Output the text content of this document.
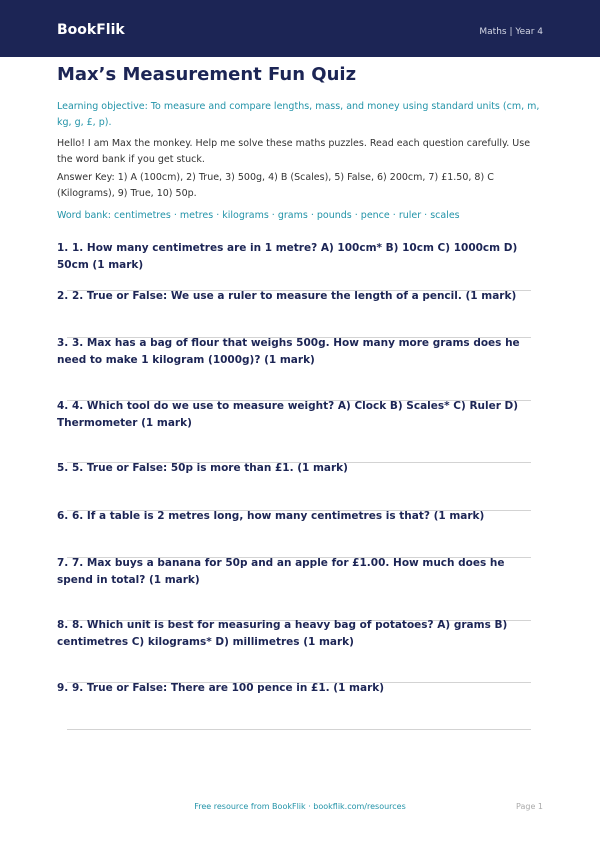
BookFlik	Maths | Year 4
Max’s Measurement Fun Quiz
Learning objective: To measure and compare lengths, mass, and money using standard units (cm, m, kg, g, £, p).
Hello! I am Max the monkey. Help me solve these maths puzzles. Read each question carefully. Use the word bank if you get stuck.
Answer Key: 1) A (100cm), 2) True, 3) 500g, 4) B (Scales), 5) False, 6) 200cm, 7) £1.50, 8) C (Kilograms), 9) True, 10) 50p.
Word bank: centimetres · metres · kilograms · grams · pounds · pence · ruler · scales
1. 1. How many centimetres are in 1 metre? A) 100cm* B) 10cm C) 1000cm D) 50cm (1 mark)
2. 2. True or False: We use a ruler to measure the length of a pencil. (1 mark)
3. 3. Max has a bag of flour that weighs 500g. How many more grams does he need to make 1 kilogram (1000g)? (1 mark)
4. 4. Which tool do we use to measure weight? A) Clock B) Scales* C) Ruler D) Thermometer (1 mark)
5. 5. True or False: 50p is more than £1. (1 mark)
6. 6. If a table is 2 metres long, how many centimetres is that? (1 mark)
7. 7. Max buys a banana for 50p and an apple for £1.00. How much does he spend in total? (1 mark)
8. 8. Which unit is best for measuring a heavy bag of potatoes? A) grams B) centimetres C) kilograms* D) millimetres (1 mark)
9. 9. True or False: There are 100 pence in £1. (1 mark)
Free resource from BookFlik · bookflik.com/resources	Page 1
